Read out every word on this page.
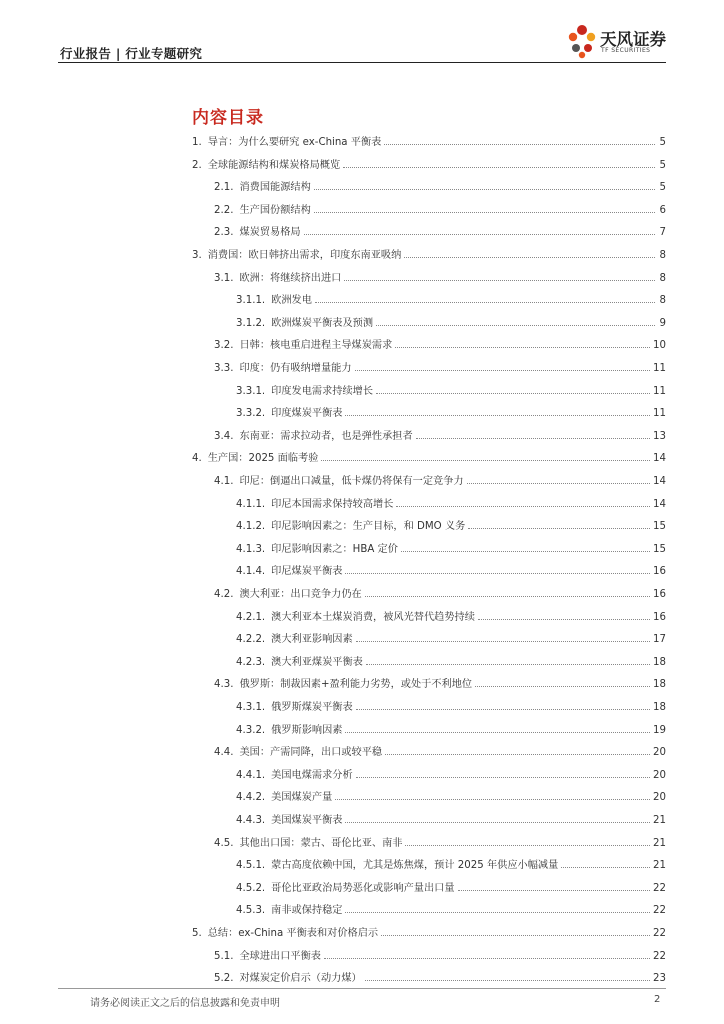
行业报告 | 行业专题研究
天风证券
TF SECURITIES
内容目录
1. 导言：为什么要研究 ex-China 平衡表	5
2. 全球能源结构和煤炭格局概览	5
2.1. 消费国能源结构	5
2.2. 生产国份额结构	6
2.3. 煤炭贸易格局	7
3. 消费国：欧日韩挤出需求，印度东南亚吸纳	8
3.1. 欧洲：将继续挤出进口	8
3.1.1. 欧洲发电	8
3.1.2. 欧洲煤炭平衡表及预测	9
3.2. 日韩：核电重启进程主导煤炭需求	10
3.3. 印度：仍有吸纳增量能力	11
3.3.1. 印度发电需求持续增长	11
3.3.2. 印度煤炭平衡表	11
3.4. 东南亚：需求拉动者，也是弹性承担者	13
4. 生产国：2025 面临考验	14
4.1. 印尼：倒逼出口减量，低卡煤仍将保有一定竞争力	14
4.1.1. 印尼本国需求保持较高增长	14
4.1.2. 印尼影响因素之：生产目标，和 DMO 义务	15
4.1.3. 印尼影响因素之：HBA 定价	15
4.1.4. 印尼煤炭平衡表	16
4.2. 澳大利亚：出口竞争力仍在	16
4.2.1. 澳大利亚本土煤炭消费，被风光替代趋势持续	16
4.2.2. 澳大利亚影响因素	17
4.2.3. 澳大利亚煤炭平衡表	18
4.3. 俄罗斯：制裁因素+盈利能力劣势，或处于不利地位	18
4.3.1. 俄罗斯煤炭平衡表	18
4.3.2. 俄罗斯影响因素	19
4.4. 美国：产需同降，出口或较平稳	20
4.4.1. 美国电煤需求分析	20
4.4.2. 美国煤炭产量	20
4.4.3. 美国煤炭平衡表	21
4.5. 其他出口国：蒙古、哥伦比亚、南非	21
4.5.1. 蒙古高度依赖中国，尤其是炼焦煤，预计 2025 年供应小幅减量	21
4.5.2. 哥伦比亚政治局势恶化或影响产量出口量	22
4.5.3. 南非或保持稳定	22
5. 总结：ex-China 平衡表和对价格启示	22
5.1. 全球进出口平衡表	22
5.2. 对煤炭定价启示（动力煤）	23
请务必阅读正文之后的信息披露和免责申明	2
